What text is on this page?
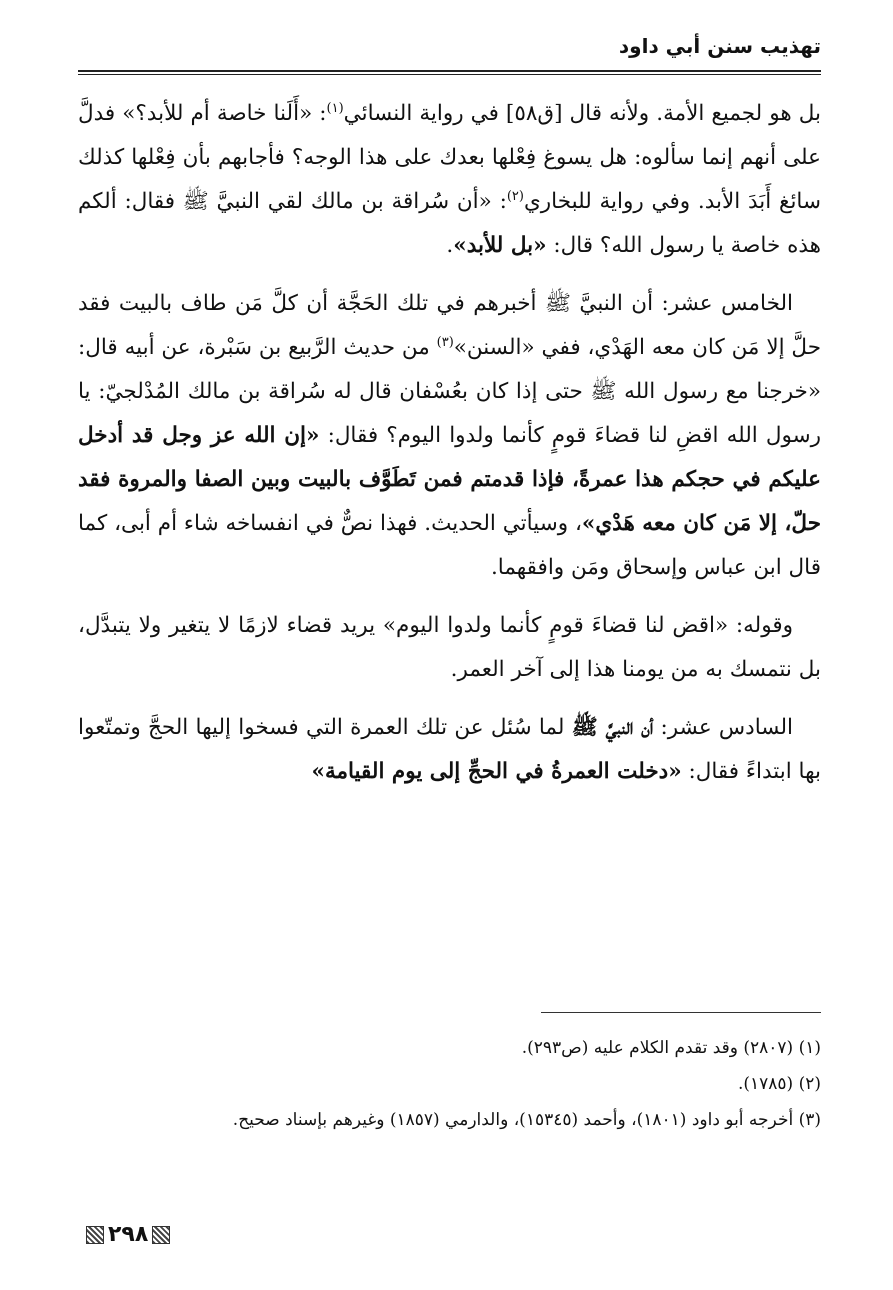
تهذيب سنن أبي داود

بل هو لجميع الأمة. ولأنه قال [ق٥٨] في رواية النسائي$^{(١)}$: «أَلَنا خاصة أم للأبد؟» فدلَّ على أنهم إنما سألوه: هل يسوغ فِعْلها بعدك على هذا الوجه؟ فأجابهم بأن فِعْلها كذلك سائغ أَبَدَ الأبد. وفي رواية للبخاري$^{(٢)}$: «أن سُراقة بن مالك لقي النبيَّ ﷺ فقال: ألكم هذه خاصة يا رسول الله؟ قال: «بل للأبد».

الخامس عشر: أن النبيَّ ﷺ أخبرهم في تلك الحَجَّة أن كلَّ مَن طاف بالبيت فقد حلَّ إلا مَن كان معه الهَدْي، ففي «السنن»$^{(٣)}$ من حديث الرَّبيع بن سَبْرة، عن أبيه قال: «خرجنا مع رسول الله ﷺ حتى إذا كان بعُسْفان قال له سُراقة بن مالك المُدْلجيّ: يا رسول الله اقضِ لنا قضاءَ قومٍ كأنما ولدوا اليوم؟ فقال: «إن الله عز وجل قد أدخل عليكم في حجكم هذا عمرةً، فإذا قدمتم فمن تَطَوَّف بالبيت وبين الصفا والمروة فقد حلّ، إلا مَن كان معه هَدْي»، وسيأتي الحديث. فهذا نصٌّ في انفساخه شاء أم أبى، كما قال ابن عباس وإسحاق ومَن وافقهما.

وقوله: «اقض لنا قضاءَ قومٍ كأنما ولدوا اليوم» يريد قضاء لازمًا لا يتغير ولا يتبدَّل، بل نتمسك به من يومنا هذا إلى آخر العمر.

السادس عشر: أن النبيَّ ﷺ لما سُئل عن تلك العمرة التي فسخوا إليها الحجَّ وتمتّعوا بها ابتداءً فقال: «دخلت العمرةُ في الحجِّ إلى يوم القيامة»

(١) (٢٨٠٧) وقد تقدم الكلام عليه (ص٢٩٣).
(٢) (١٧٨٥).
(٣) أخرجه أبو داود (١٨٠١)، وأحمد (١٥٣٤٥)، والدارمي (١٨٥٧) وغيرهم بإسناد صحيح.
٢٩٨
